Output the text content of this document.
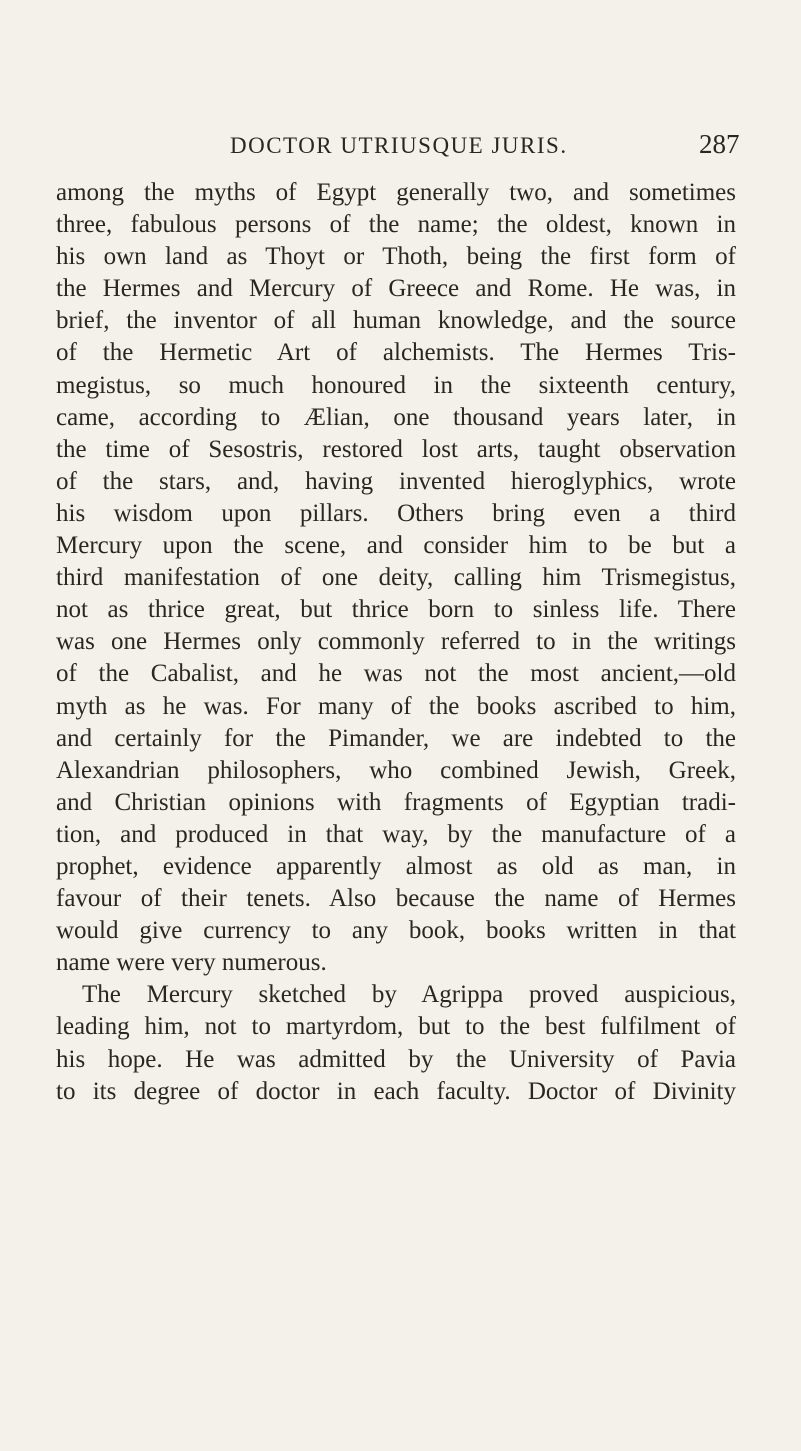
DOCTOR UTRIUSQUE JURIS.	287
among the myths of Egypt generally two, and sometimes
three, fabulous persons of the name; the oldest, known in
his own land as Thoyt or Thoth, being the first form of
the Hermes and Mercury of Greece and Rome. He was, in
brief, the inventor of all human knowledge, and the source
of the Hermetic Art of alchemists. The Hermes Tris-
megistus, so much honoured in the sixteenth century,
came, according to Ælian, one thousand years later, in
the time of Sesostris, restored lost arts, taught observation
of the stars, and, having invented hieroglyphics, wrote
his wisdom upon pillars. Others bring even a third
Mercury upon the scene, and consider him to be but a
third manifestation of one deity, calling him Trismegistus,
not as thrice great, but thrice born to sinless life. There
was one Hermes only commonly referred to in the writings
of the Cabalist, and he was not the most ancient,—old
myth as he was. For many of the books ascribed to him,
and certainly for the Pimander, we are indebted to the
Alexandrian philosophers, who combined Jewish, Greek,
and Christian opinions with fragments of Egyptian tradi-
tion, and produced in that way, by the manufacture of a
prophet, evidence apparently almost as old as man, in
favour of their tenets. Also because the name of Hermes
would give currency to any book, books written in that
name were very numerous.
The Mercury sketched by Agrippa proved auspicious,
leading him, not to martyrdom, but to the best fulfilment of
his hope. He was admitted by the University of Pavia
to its degree of doctor in each faculty. Doctor of Divinity
